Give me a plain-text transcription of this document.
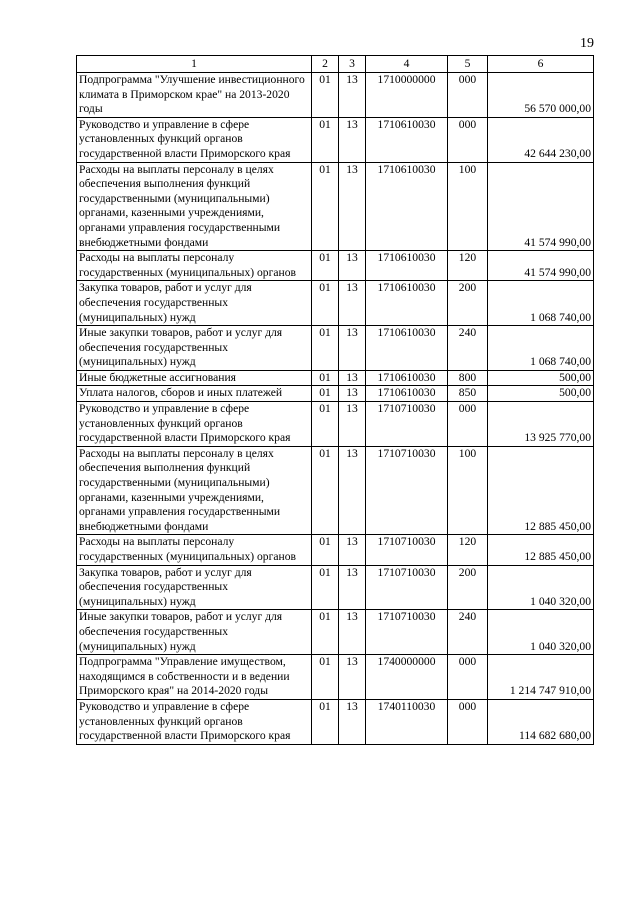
19
1	2	3	4	5	6
Подпрограмма "Улучшение инвестиционного климата в Приморском крае" на 2013-2020 годы	01	13	1710000000	000	56 570 000,00
Руководство и управление в сфере установленных функций органов государственной власти Приморского края	01	13	1710610030	000	42 644 230,00
Расходы на выплаты персоналу в целях обеспечения выполнения функций государственными (муниципальными) органами, казенными учреждениями, органами управления государственными внебюджетными фондами	01	13	1710610030	100	41 574 990,00
Расходы на выплаты персоналу государственных (муниципальных) органов	01	13	1710610030	120	41 574 990,00
Закупка товаров, работ и услуг для обеспечения государственных (муниципальных) нужд	01	13	1710610030	200	1 068 740,00
Иные закупки товаров, работ и услуг для обеспечения государственных (муниципальных) нужд	01	13	1710610030	240	1 068 740,00
Иные бюджетные ассигнования	01	13	1710610030	800	500,00
Уплата налогов, сборов и иных платежей	01	13	1710610030	850	500,00
Руководство и управление в сфере установленных функций органов государственной власти Приморского края	01	13	1710710030	000	13 925 770,00
Расходы на выплаты персоналу в целях обеспечения выполнения функций государственными (муниципальными) органами, казенными учреждениями, органами управления государственными внебюджетными фондами	01	13	1710710030	100	12 885 450,00
Расходы на выплаты персоналу государственных (муниципальных) органов	01	13	1710710030	120	12 885 450,00
Закупка товаров, работ и услуг для обеспечения государственных (муниципальных) нужд	01	13	1710710030	200	1 040 320,00
Иные закупки товаров, работ и услуг для обеспечения государственных (муниципальных) нужд	01	13	1710710030	240	1 040 320,00
Подпрограмма "Управление имуществом, находящимся в собственности и в ведении Приморского края" на 2014-2020 годы	01	13	1740000000	000	1 214 747 910,00
Руководство и управление в сфере установленных функций органов государственной власти Приморского края	01	13	1740110030	000	114 682 680,00
